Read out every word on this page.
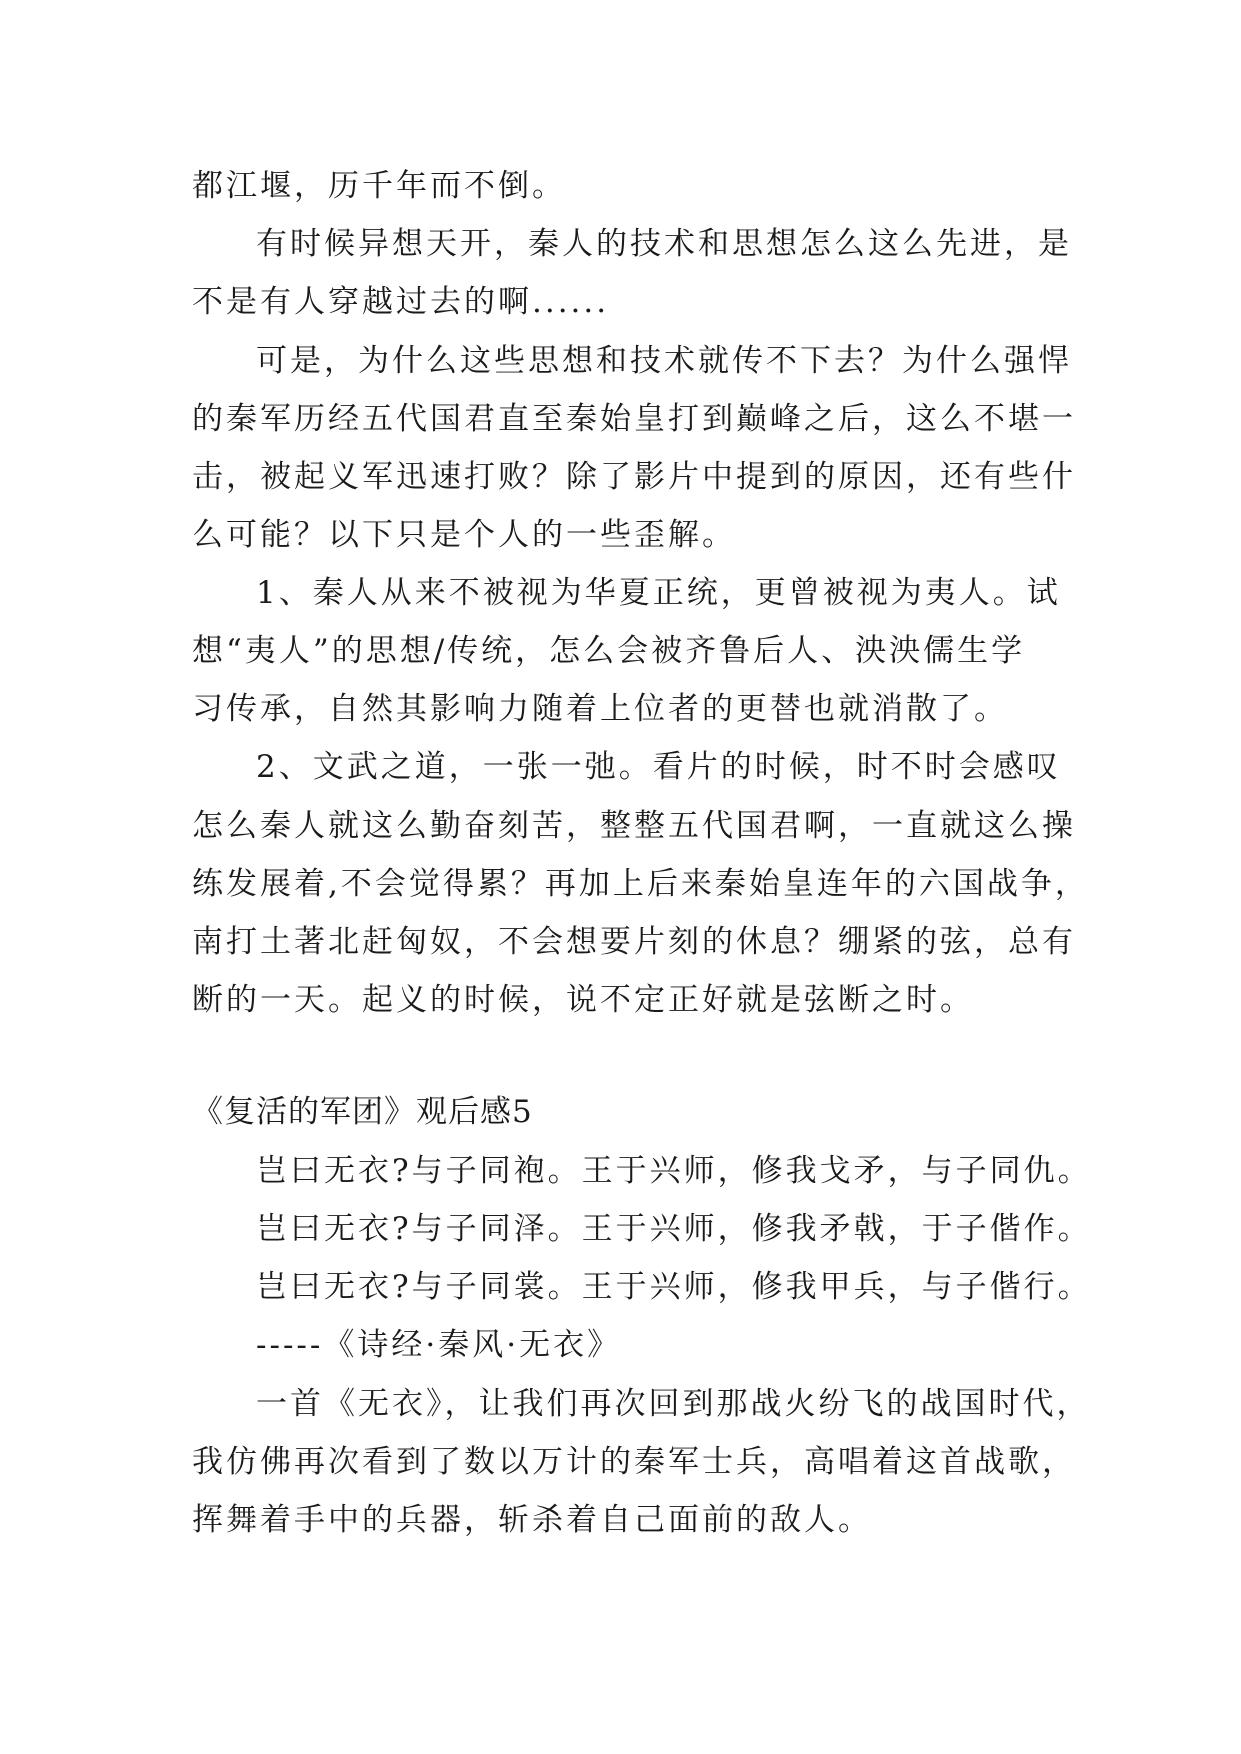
都江堰，历千年而不倒。
有时候异想天开，秦人的技术和思想怎么这么先进，是
不是有人穿越过去的啊......
可是，为什么这些思想和技术就传不下去？为什么强悍
的秦军历经五代国君直至秦始皇打到巅峰之后，这么不堪一
击，被起义军迅速打败？除了影片中提到的原因，还有些什
么可能？以下只是个人的一些歪解。
1、秦人从来不被视为华夏正统，更曾被视为夷人。试
想“夷人”的思想/传统，怎么会被齐鲁后人、泱泱儒生学
习传承，自然其影响力随着上位者的更替也就消散了。
2、文武之道，一张一弛。看片的时候，时不时会感叹
怎么秦人就这么勤奋刻苦，整整五代国君啊，一直就这么操
练发展着,不会觉得累？再加上后来秦始皇连年的六国战争，
南打土著北赶匈奴，不会想要片刻的休息？绷紧的弦，总有
断的一天。起义的时候，说不定正好就是弦断之时。
《复活的军团》观后感5
岂曰无衣?与子同袍。王于兴师，修我戈矛，与子同仇。
岂曰无衣?与子同泽。王于兴师，修我矛戟，于子偕作。
岂曰无衣?与子同裳。王于兴师，修我甲兵，与子偕行。
-----《诗经·秦风·无衣》
一首《无衣》，让我们再次回到那战火纷飞的战国时代，
我仿佛再次看到了数以万计的秦军士兵，高唱着这首战歌，
挥舞着手中的兵器，斩杀着自己面前的敌人。
